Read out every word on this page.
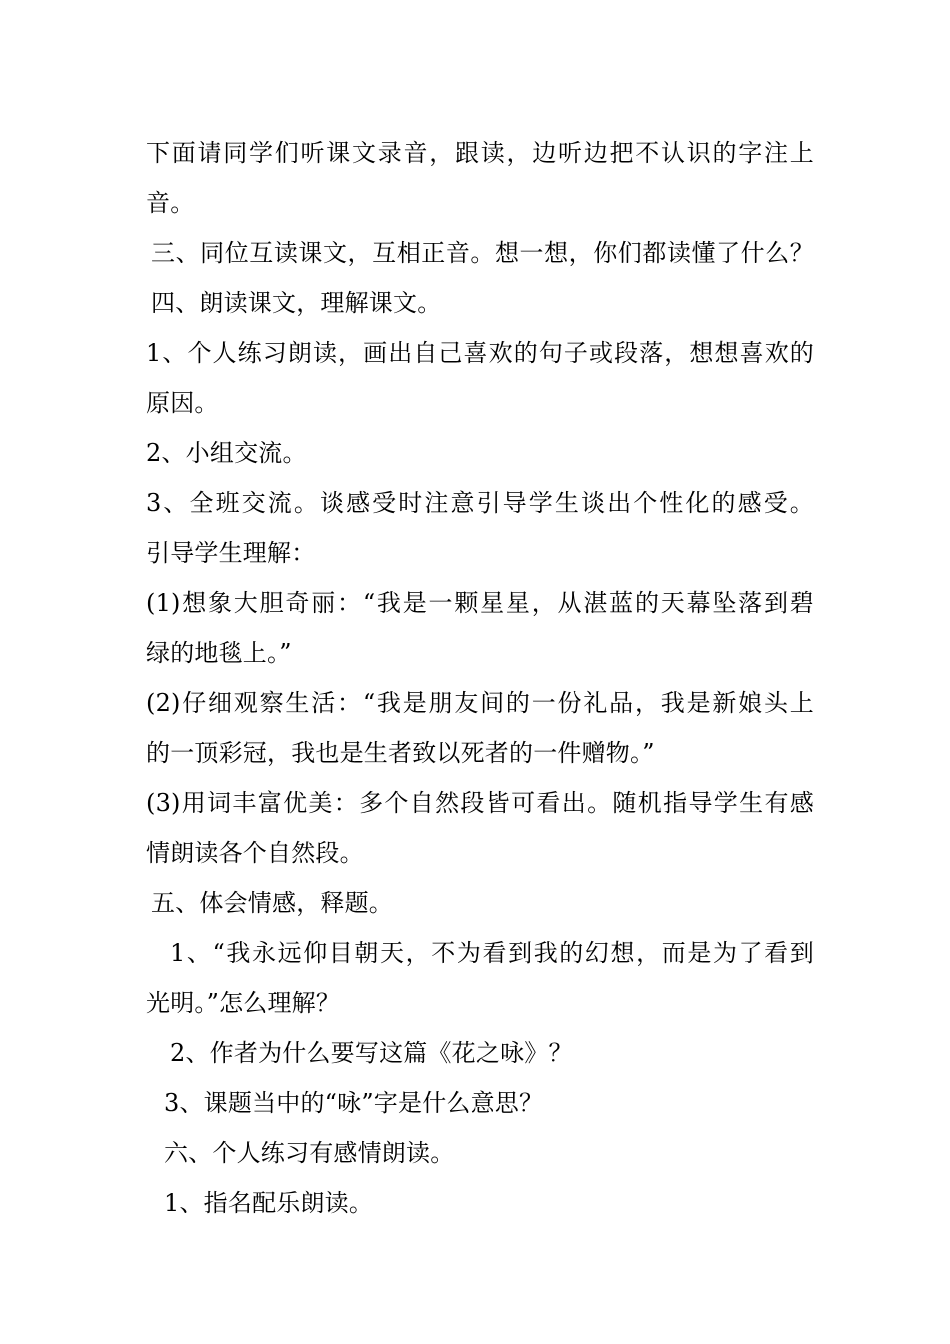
下面请同学们听课文录音，跟读，边听边把不认识的字注上
音。
三、同位互读课文，互相正音。想一想，你们都读懂了什么？
四、朗读课文，理解课文。
1、个人练习朗读，画出自己喜欢的句子或段落，想想喜欢的
原因。
2、小组交流。
3、全班交流。谈感受时注意引导学生谈出个性化的感受。
引导学生理解：
(1)想象大胆奇丽：“我是一颗星星，从湛蓝的天幕坠落到碧
绿的地毯上。”
(2)仔细观察生活：“我是朋友间的一份礼品，我是新娘头上
的一顶彩冠，我也是生者致以死者的一件赠物。”
(3)用词丰富优美：多个自然段皆可看出。随机指导学生有感
情朗读各个自然段。
五、体会情感，释题。
1、“我永远仰目朝天，不为看到我的幻想，而是为了看到
光明。”怎么理解？
2、作者为什么要写这篇《花之咏》？
3、课题当中的“咏”字是什么意思？
六、个人练习有感情朗读。
1、指名配乐朗读。
